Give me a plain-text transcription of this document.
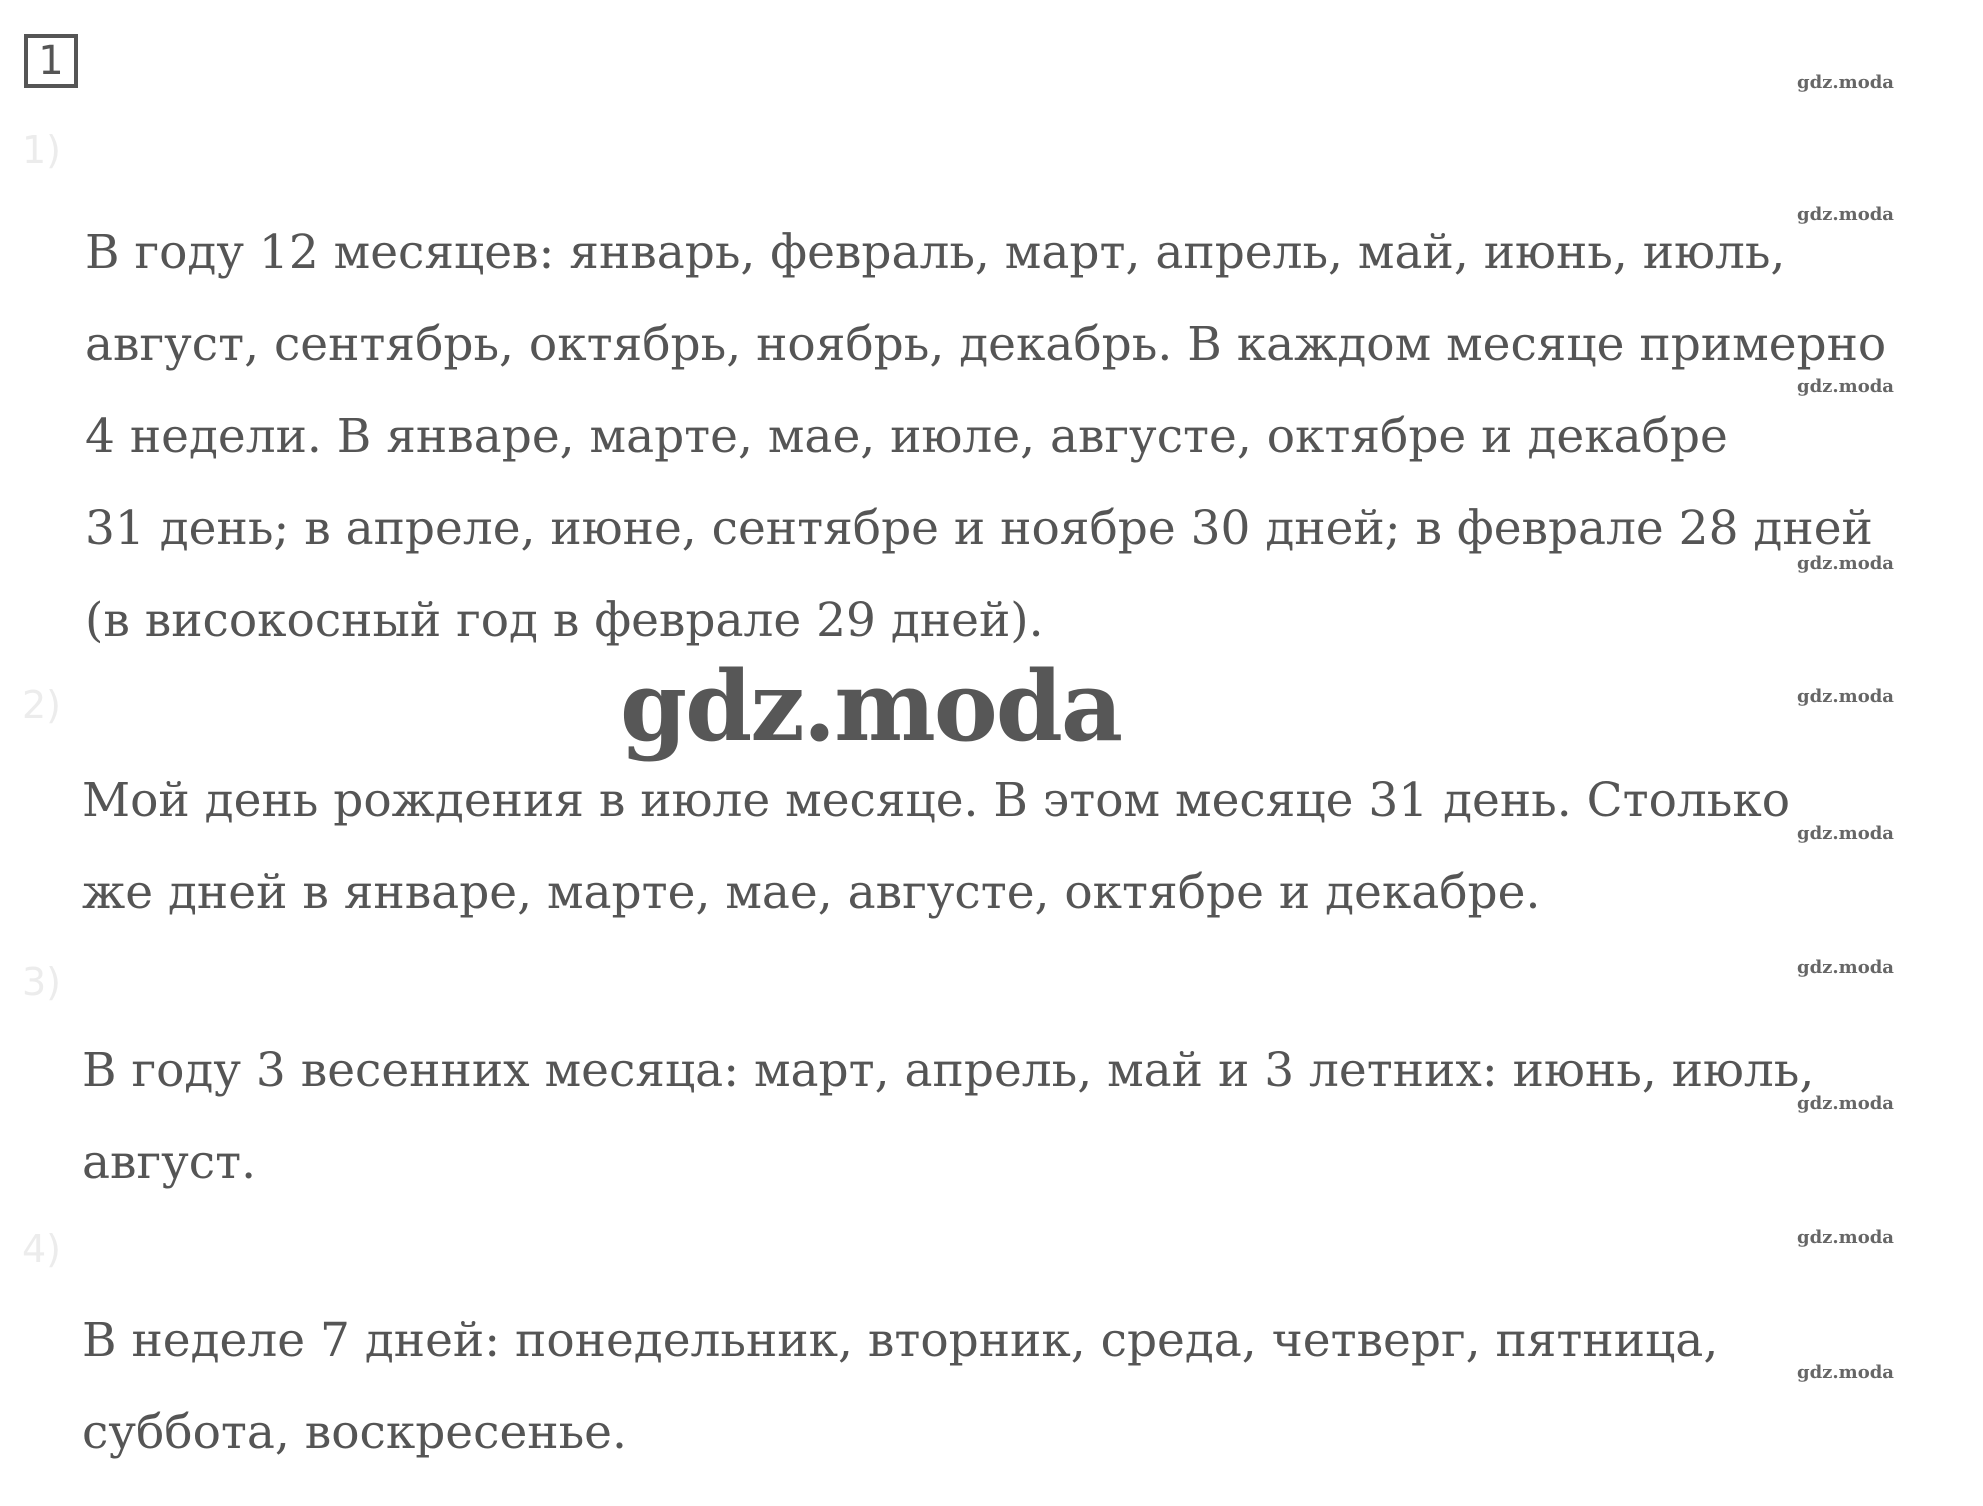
1
1)
В году 12 месяцев: январь, февраль, март, апрель, май, июнь, июль,
август, сентябрь, октябрь, ноябрь, декабрь. В каждом месяце примерно
4 недели. В январе, марте, мае, июле, августе, октябре и декабре
31 день; в апреле, июне, сентябре и ноябре 30 дней; в феврале 28 дней
(в високосный год в феврале 29 дней).
2)
Мой день рождения в июле месяце. В этом месяце 31 день. Столько
же дней в январе, марте, мае, августе, октябре и декабре.
3)
В году 3 весенних месяца: март, апрель, май и 3 летних: июнь, июль,
август.
4)
В неделе 7 дней: понедельник, вторник, среда, четверг, пятница,
суббота, воскресенье.
gdz.moda
gdz.moda
gdz.moda
gdz.moda
gdz.moda
gdz.moda
gdz.moda
gdz.moda
gdz.moda
gdz.moda
gdz.moda
